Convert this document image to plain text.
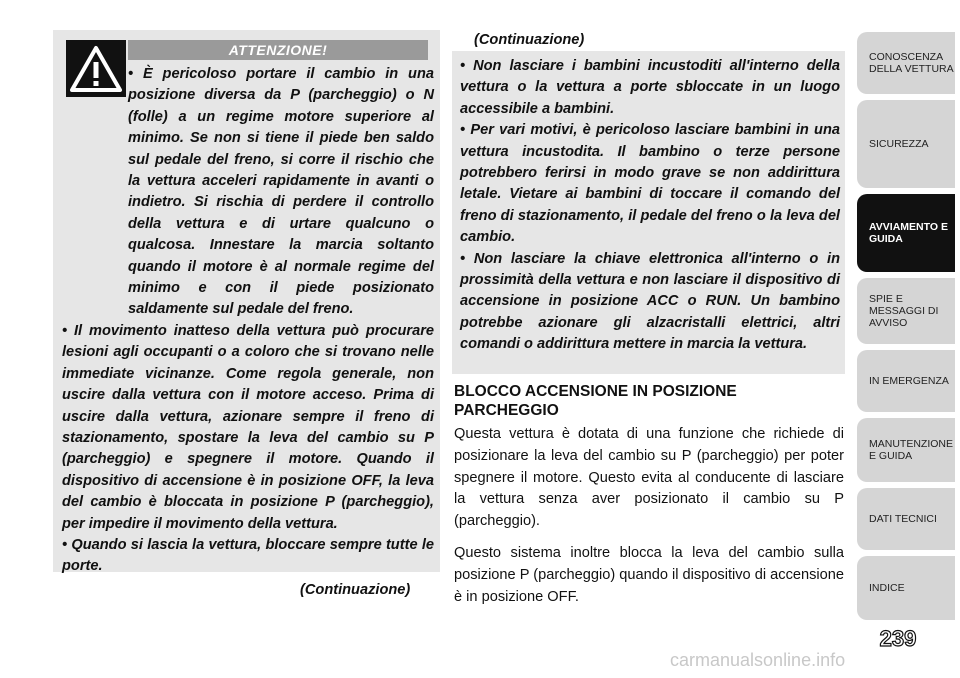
ATTENZIONE!

• È pericoloso portare il cambio in una posizione diversa da P (parcheggio) o N (folle) a un regime motore superiore al minimo. Se non si tiene il piede ben saldo sul pedale del freno, si corre il rischio che la vettura acceleri rapidamente in avanti o indietro. Si rischia di perdere il controllo della vettura e di urtare qualcuno o qualcosa. Innestare la marcia soltanto quando il motore è al normale regime del minimo e con il piede posizionato saldamente sul pedale del freno.

• Il movimento inatteso della vettura può procurare lesioni agli occupanti o a coloro che si trovano nelle immediate vicinanze. Come regola generale, non uscire dalla vettura con il motore acceso. Prima di uscire dalla vettura, azionare sempre il freno di stazionamento, spostare la leva del cambio su P (parcheggio) e spegnere il motore. Quando il dispositivo di accensione è in posizione OFF, la leva del cambio è bloccata in posizione P (parcheggio), per impedire il movimento della vettura.

• Quando si lascia la vettura, bloccare sempre tutte le porte.

(Continuazione)
(Continuazione)

• Non lasciare i bambini incustoditi all'interno della vettura o la vettura a porte sbloccate in un luogo accessibile a bambini.

• Per vari motivi, è pericoloso lasciare bambini in una vettura incustodita. Il bambino o terze persone potrebbero ferirsi in modo grave se non addirittura letale. Vietare ai bambini di toccare il comando del freno di stazionamento, il pedale del freno o la leva del cambio.

• Non lasciare la chiave elettronica all'interno o in prossimità della vettura e non lasciare il dispositivo di accensione in posizione ACC o RUN. Un bambino potrebbe azionare gli alzacristalli elettrici, altri comandi o addirittura mettere in marcia la vettura.

BLOCCO ACCENSIONE IN POSIZIONE PARCHEGGIO

Questa vettura è dotata di una funzione che richiede di posizionare la leva del cambio su P (parcheggio) per poter spegnere il motore. Questo evita al conducente di lasciare la vettura senza aver posizionato il cambio su P (parcheggio).

Questo sistema inoltre blocca la leva del cambio sulla posizione P (parcheggio) quando il dispositivo di accensione è in posizione OFF.

CONOSCENZA DELLA VETTURA
SICUREZZA
AVVIAMENTO E GUIDA
SPIE E MESSAGGI DI AVVISO
IN EMERGENZA
MANUTENZIONE E GUIDA
DATI TECNICI
INDICE
239
carmanualsonline.info
